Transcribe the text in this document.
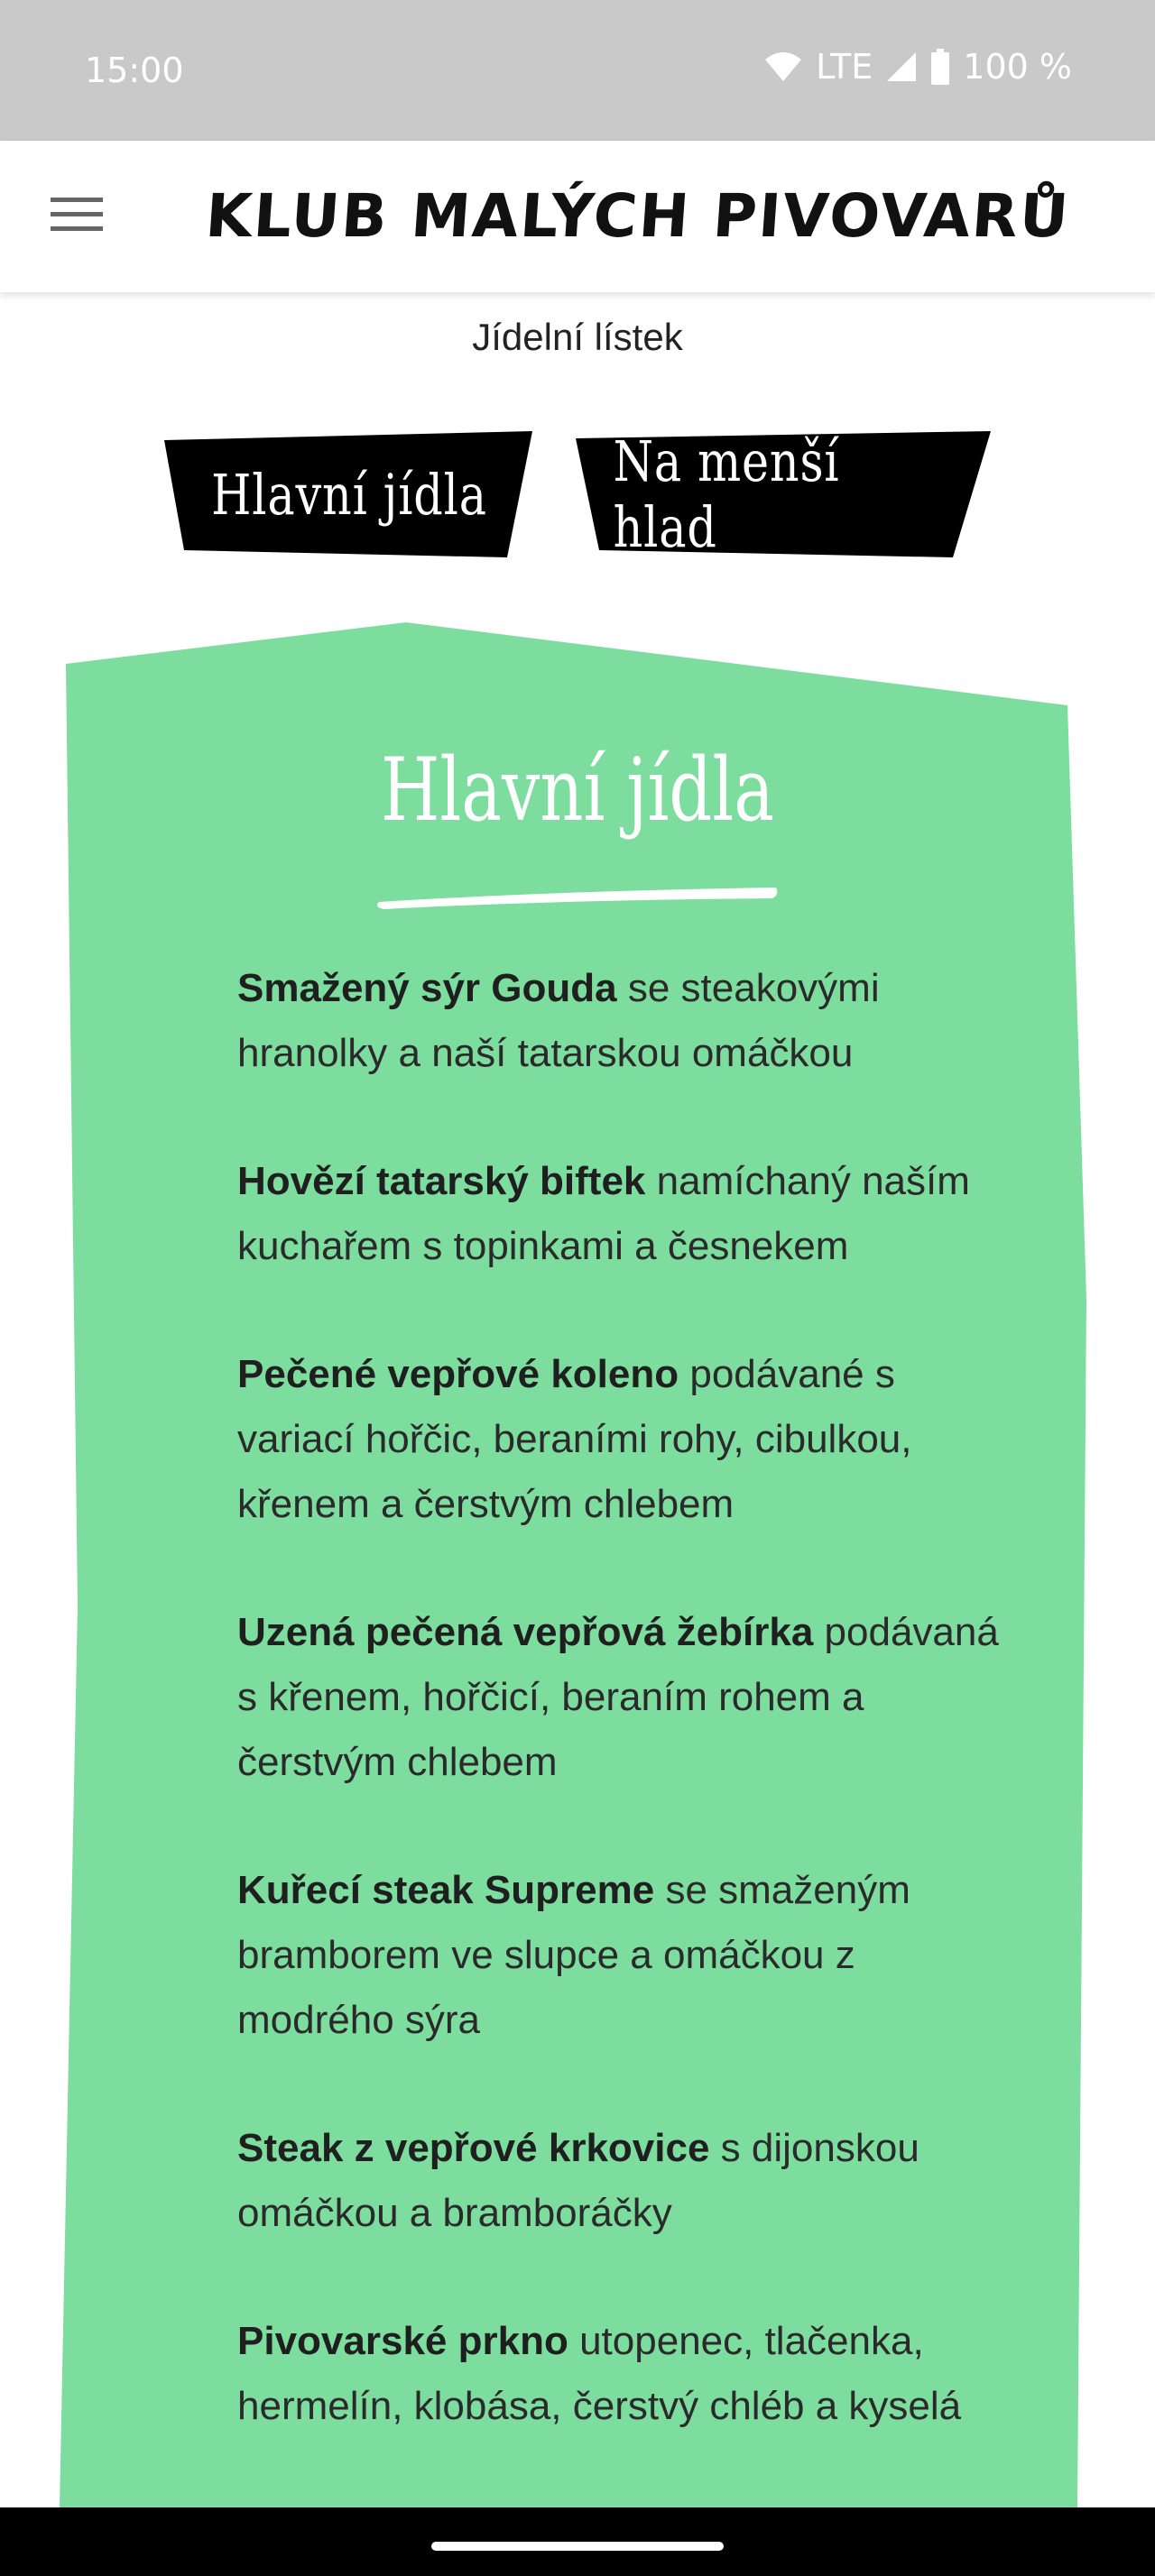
15:00	LTE	100 %
KLUB MALÝCH PIVOVARŮ
Jídelní lístek
Hlavní jídla Na menší hlad
Hlavní jídla

Smažený sýr Gouda se steakovými hranolky a naší tatarskou omáčkou

Hovězí tatarský biftek namíchaný naším kuchařem s topinkami a česnekem

Pečené vepřové koleno podávané s variací hořčic, beraními rohy, cibulkou, křenem a čerstvým chlebem

Uzená pečená vepřová žebírka podávaná s křenem, hořčicí, beraním rohem a čerstvým chlebem

Kuřecí steak Supreme se smaženým bramborem ve slupce a omáčkou z modrého sýra

Steak z vepřové krkovice s dijonskou omáčkou a bramboráčky

Pivovarské prkno utopenec, tlačenka, hermelín, klobása, čerstvý chléb a kyselá
